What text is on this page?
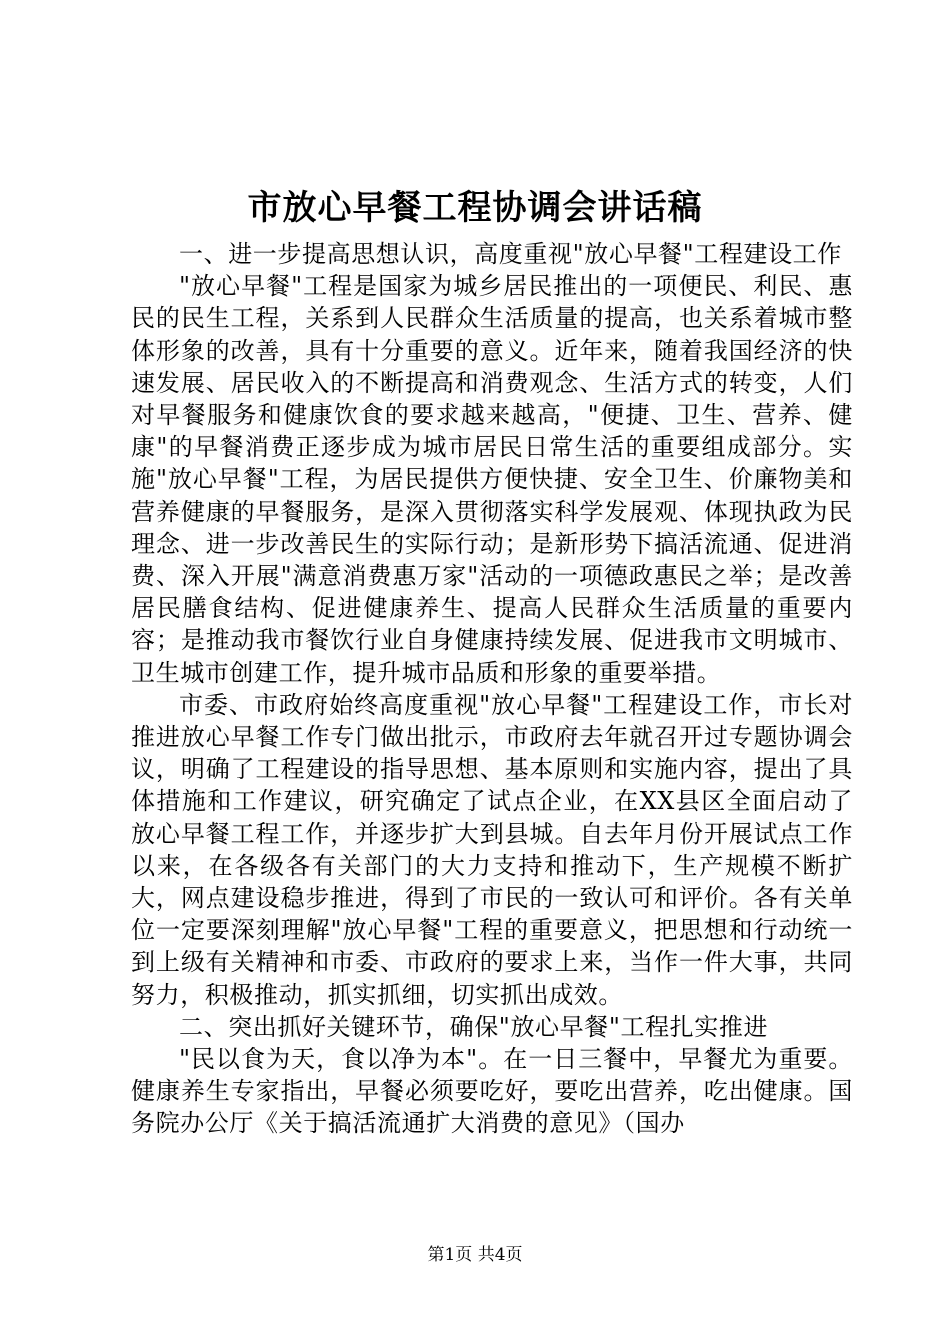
市放心早餐工程协调会讲话稿

一、进一步提高思想认识，高度重视"放心早餐"工程建设工作

"放心早餐"工程是国家为城乡居民推出的一项便民、利民、惠民的民生工程，关系到人民群众生活质量的提高，也关系着城市整体形象的改善，具有十分重要的意义。近年来，随着我国经济的快速发展、居民收入的不断提高和消费观念、生活方式的转变，人们对早餐服务和健康饮食的要求越来越高，"便捷、卫生、营养、健康"的早餐消费正逐步成为城市居民日常生活的重要组成部分。实施"放心早餐"工程，为居民提供方便快捷、安全卫生、价廉物美和营养健康的早餐服务，是深入贯彻落实科学发展观、体现执政为民理念、进一步改善民生的实际行动；是新形势下搞活流通、促进消费、深入开展"满意消费惠万家"活动的一项德政惠民之举；是改善居民膳食结构、促进健康养生、提高人民群众生活质量的重要内容；是推动我市餐饮行业自身健康持续发展、促进我市文明城市、卫生城市创建工作，提升城市品质和形象的重要举措。

市委、市政府始终高度重视"放心早餐"工程建设工作，市长对推进放心早餐工作专门做出批示，市政府去年就召开过专题协调会议，明确了工程建设的指导思想、基本原则和实施内容，提出了具体措施和工作建议，研究确定了试点企业，在XX县区全面启动了放心早餐工程工作，并逐步扩大到县城。自去年月份开展试点工作以来，在各级各有关部门的大力支持和推动下，生产规模不断扩大，网点建设稳步推进，得到了市民的一致认可和评价。各有关单位一定要深刻理解"放心早餐"工程的重要意义，把思想和行动统一到上级有关精神和市委、市政府的要求上来，当作一件大事，共同努力，积极推动，抓实抓细，切实抓出成效。

二、突出抓好关键环节，确保"放心早餐"工程扎实推进

"民以食为天，食以净为本"。在一日三餐中，早餐尤为重要。健康养生专家指出，早餐必须要吃好，要吃出营养，吃出健康。国务院办公厅《关于搞活流通扩大消费的意见》（国办

第1页 共4页
